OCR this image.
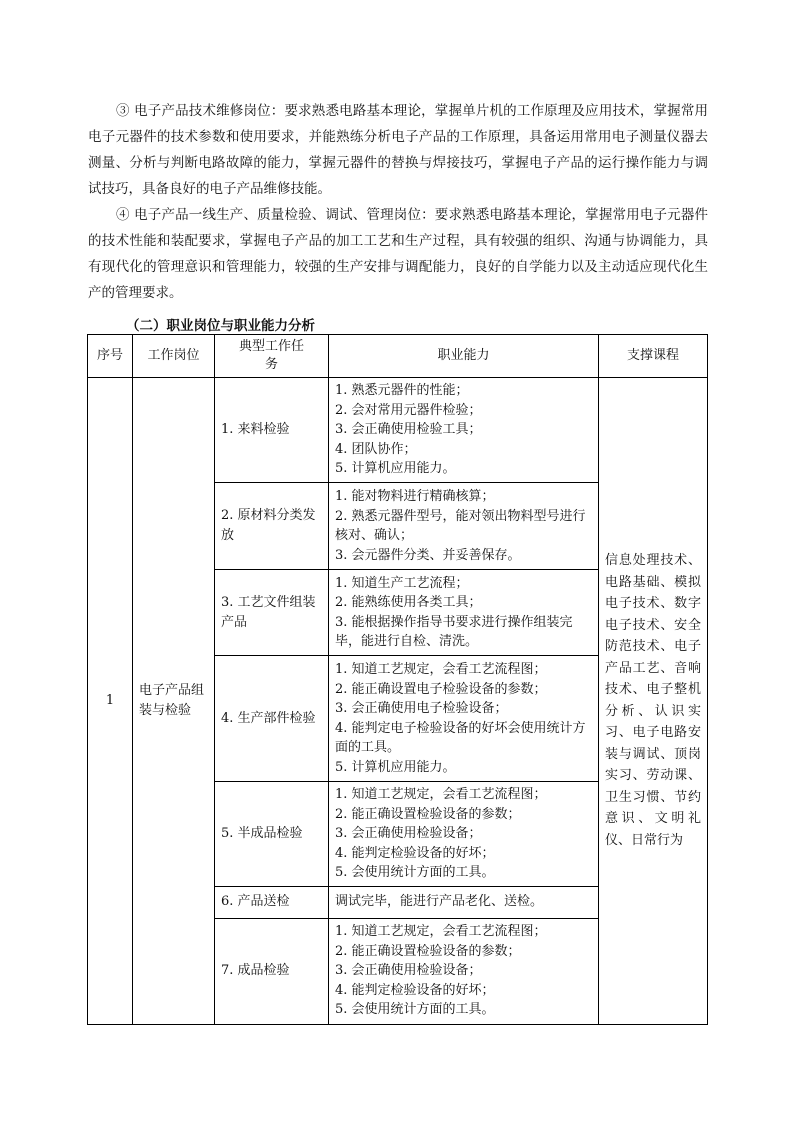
③ 电子产品技术维修岗位：要求熟悉电路基本理论，掌握单片机的工作原理及应用技术，掌握常用电子元器件的技术参数和使用要求，并能熟练分析电子产品的工作原理，具备运用常用电子测量仪器去测量、分析与判断电路故障的能力，掌握元器件的替换与焊接技巧，掌握电子产品的运行操作能力与调试技巧，具备良好的电子产品维修技能。

④ 电子产品一线生产、质量检验、调试、管理岗位：要求熟悉电路基本理论，掌握常用电子元器件的技术性能和装配要求，掌握电子产品的加工工艺和生产过程，具有较强的组织、沟通与协调能力，具有现代化的管理意识和管理能力，较强的生产安排与调配能力，良好的自学能力以及主动适应现代化生产的管理要求。

（二）职业岗位与职业能力分析

序号	工作岗位	典型工作任务	职业能力	支撑课程
1	电子产品组装与检验	1. 来料检验	1. 熟悉元器件的性能；
2. 会对常用元器件检验；
3. 会正确使用检验工具；
4. 团队协作；
5. 计算机应用能力。	信息处理技术、电路基础、模拟电子技术、数字电子技术、安全防范技术、电子产品工艺、音响技术、电子整机分析、认识实习、电子电路安装与调试、顶岗实习、劳动课、卫生习惯、节约意识、文明礼仪、日常行为
		2. 原材料分类发放	1. 能对物料进行精确核算；
2. 熟悉元器件型号，能对领出物料型号进行核对、确认；
3. 会元器件分类、并妥善保存。	

		3. 工艺文件组装产品	1. 知道生产工艺流程；
2. 能熟练使用各类工具；
3. 能根据操作指导书要求进行操作组装完毕，能进行自检、清洗。	

		4. 生产部件检验	1. 知道工艺规定，会看工艺流程图；
2. 能正确设置电子检验设备的参数；
3. 会正确使用电子检验设备；
4. 能判定电子检验设备的好坏会使用统计方面的工具。
5. 计算机应用能力。	

		5. 半成品检验	1. 知道工艺规定，会看工艺流程图；
2. 能正确设置检验设备的参数；
3. 会正确使用检验设备；
4. 能判定检验设备的好坏；
5. 会使用统计方面的工具。	

		6. 产品送检	调试完毕，能进行产品老化、送检。	

		7. 成品检验	1. 知道工艺规定，会看工艺流程图；
2. 能正确设置检验设备的参数；
3. 会正确使用检验设备；
4. 能判定检验设备的好坏；
5. 会使用统计方面的工具。	
